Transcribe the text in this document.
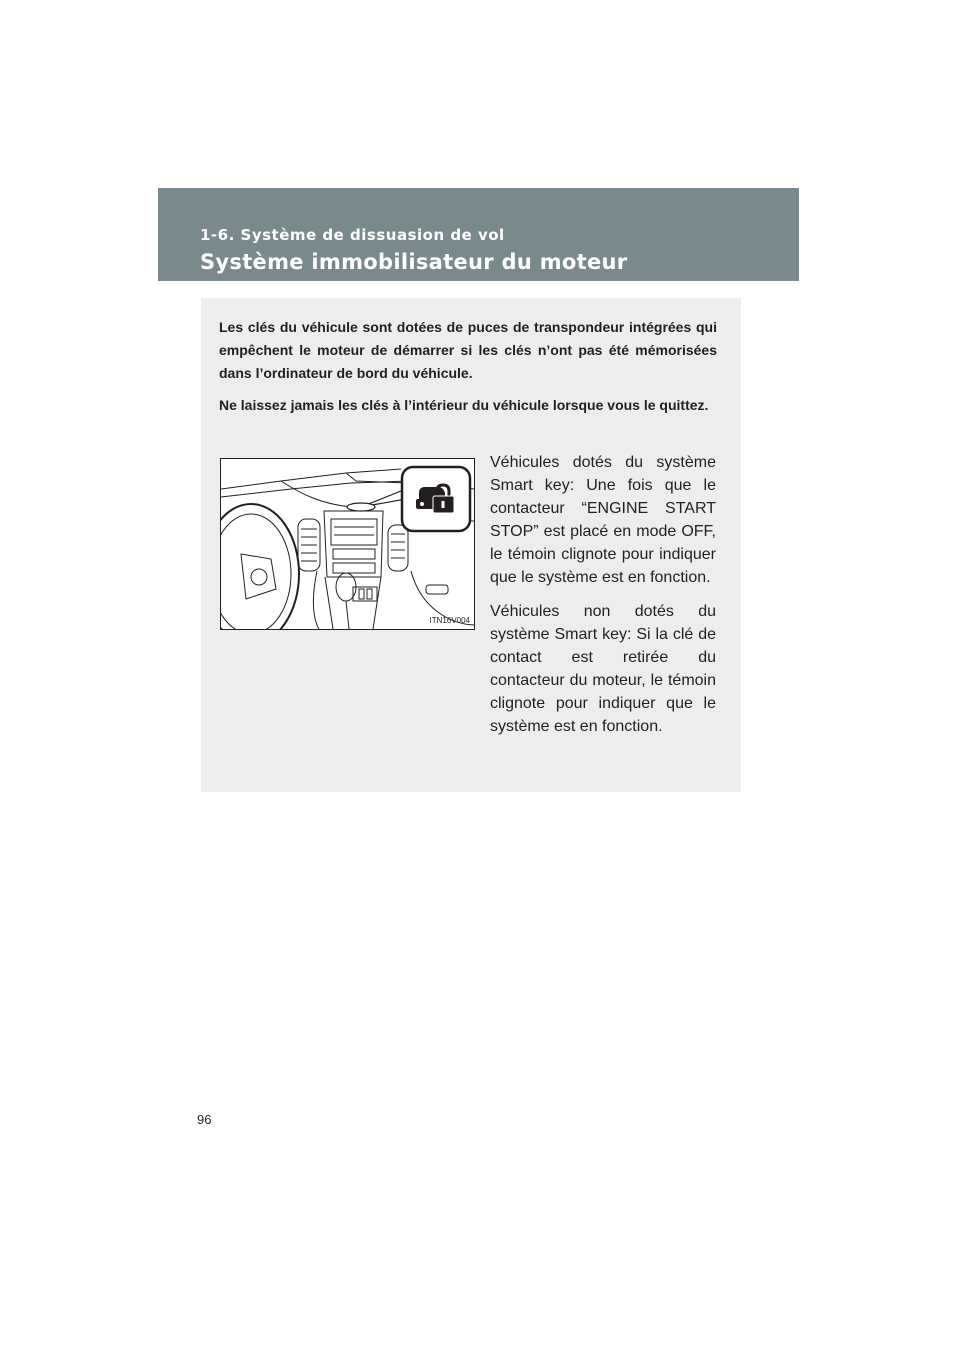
1-6. Système de dissuasion de vol
Système immobilisateur du moteur

Les clés du véhicule sont dotées de puces de transpondeur intégrées qui empêchent le moteur de démarrer si les clés n’ont pas été mémorisées dans l’ordinateur de bord du véhicule.

Ne laissez jamais les clés à l’intérieur du véhicule lorsque vous le quittez.

ITN16V004

Véhicules dotés du système Smart key: Une fois que le contacteur “ENGINE START STOP” est placé en mode OFF, le témoin clignote pour indiquer que le système est en fonction.

Véhicules non dotés du système Smart key: Si la clé de contact est retirée du contacteur du moteur, le témoin clignote pour indiquer que le système est en fonction.

96
